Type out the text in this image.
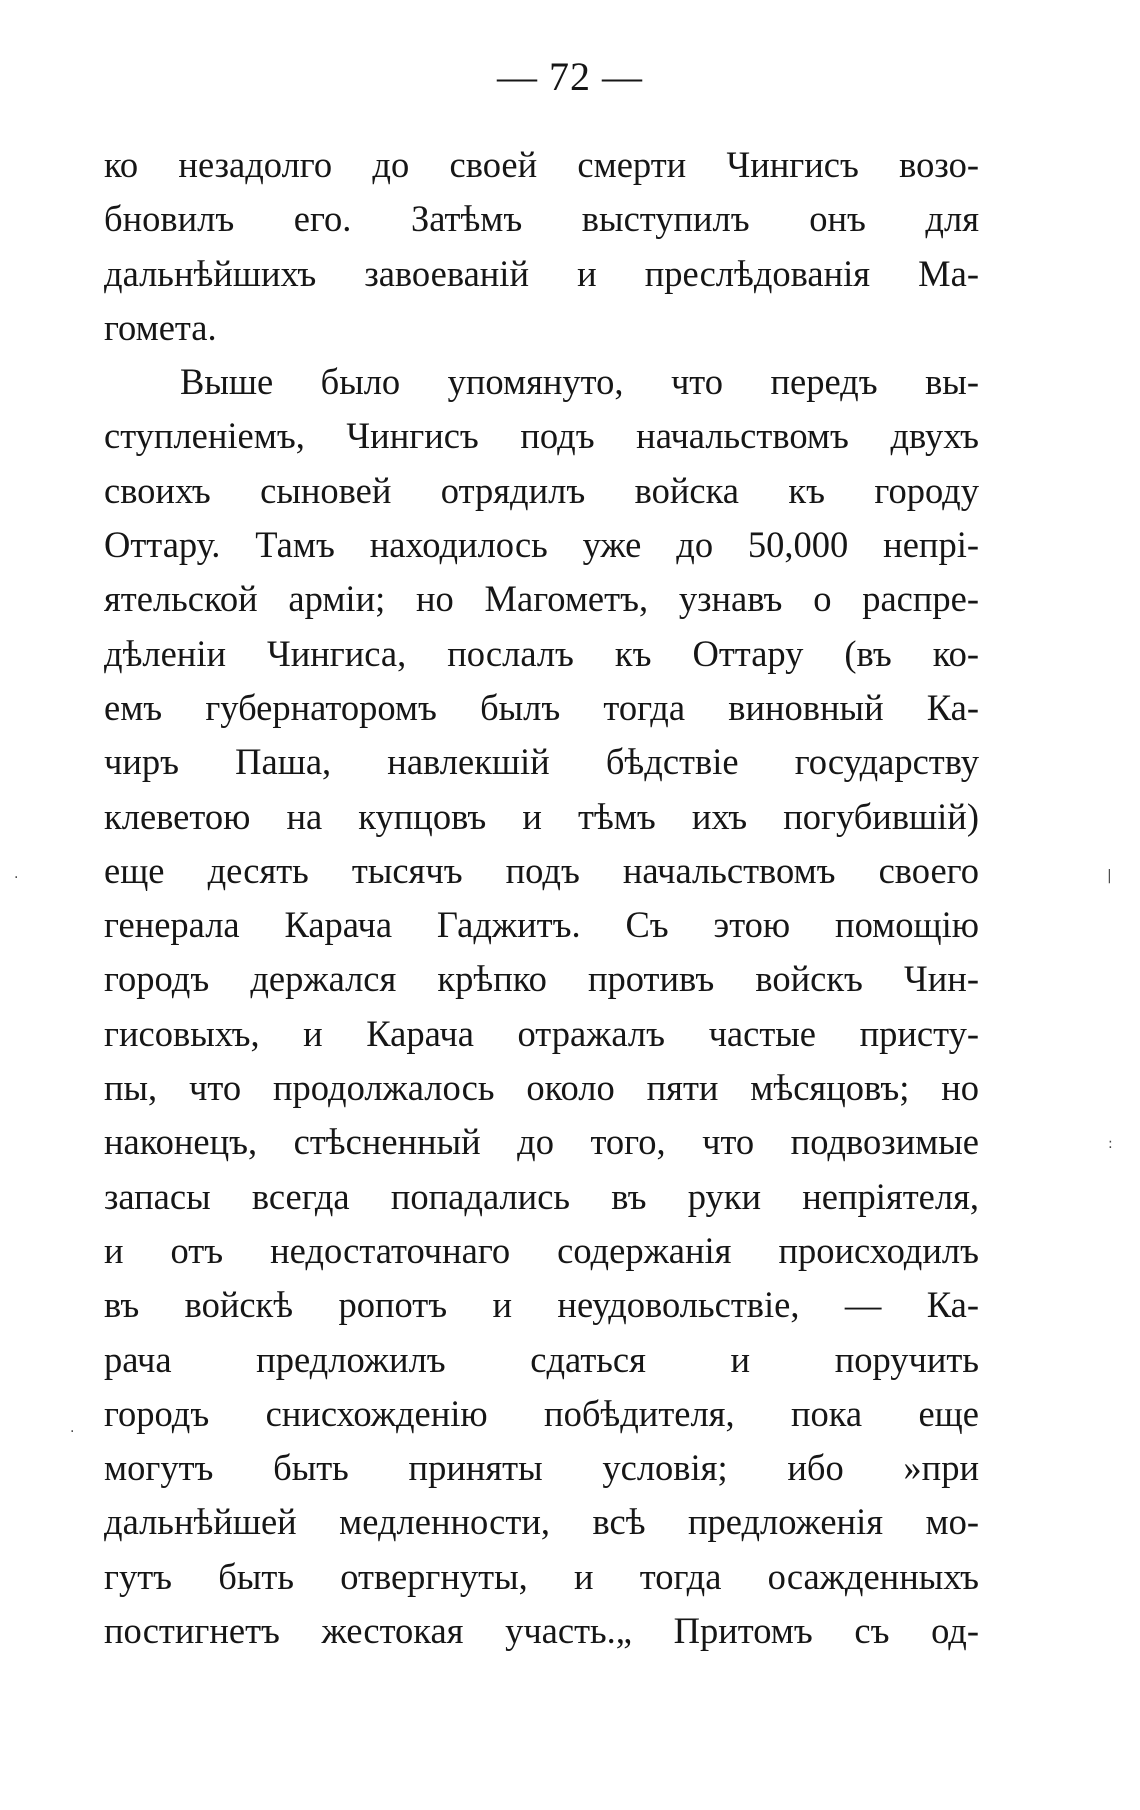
— 72 —
ко незадолго до своей смерти Чингисъ возо-
бновилъ его. Затѣмъ выступилъ онъ для
дальнѣйшихъ завоеваній и преслѣдованія Ма-
гомета.
Выше было упомянуто, что передъ вы-
ступленіемъ, Чингисъ подъ начальствомъ двухъ
своихъ сыновей отрядилъ войска къ городу
Оттару. Тамъ находилось уже до 50,000 непрі-
ятельской арміи; но Магометъ, узнавъ о распре-
дѣленіи Чингиса, послалъ къ Оттару (въ ко-
емъ губернаторомъ былъ тогда виновный Ка-
чиръ Паша, навлекшій бѣдствіе государству
клеветою на купцовъ и тѣмъ ихъ погубившій)
еще десять тысячъ подъ начальствомъ своего
генерала Карача Гаджитъ. Съ этою помощію
городъ держался крѣпко противъ войскъ Чин-
гисовыхъ, и Карача отражалъ частые присту-
пы, что продолжалось около пяти мѣсяцовъ; но
наконецъ, стѣсненный до того, что подвозимые
запасы всегда попадались въ руки непріятеля,
и отъ недостаточнаго содержанія происходилъ
въ войскѣ ропотъ и неудовольствіе, — Ка-
рача предложилъ сдаться и поручить
городъ снисхожденію побѣдителя, пока еще
могутъ быть приняты условія; ибо »при
дальнѣйшей медленности, всѣ предложенія мо-
гутъ быть отвергнуты, и тогда осажденныхъ
постигнетъ жестокая участь.„ Притомъ съ од-
|
:
·
·
